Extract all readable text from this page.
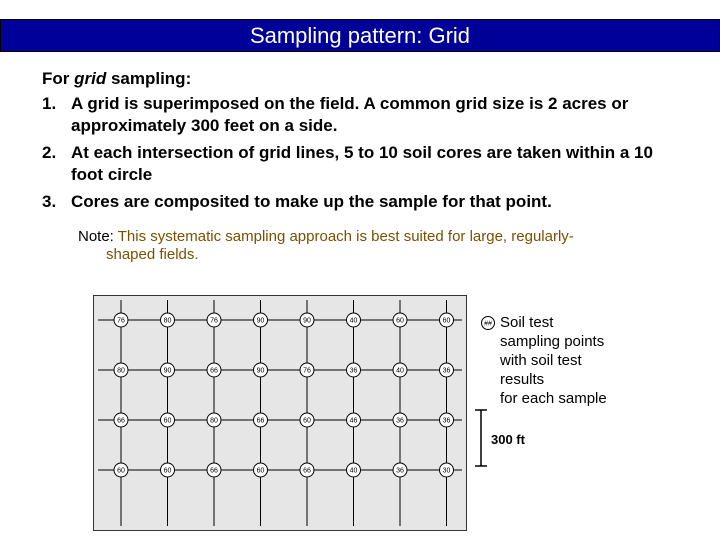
Sampling pattern: Grid
For grid sampling:
1. A grid is superimposed on the field. A common grid size is 2 acres or approximately 300 feet on a side.
2. At each intersection of grid lines, 5 to 10 soil cores are taken within a 10 foot circle
3. Cores are composited to make up the sample for that point.
Note: This systematic sampling approach is best suited for large, regularly-
shaped fields.
76	80	76	90	90	40	60	60
80	90	66	90	76	36	40	36
66	60	80	66	60	46	36	36
60	60	66	60	66	40	36	30
300 ft
## Soil test
sampling points
with soil test
results
for each sample
